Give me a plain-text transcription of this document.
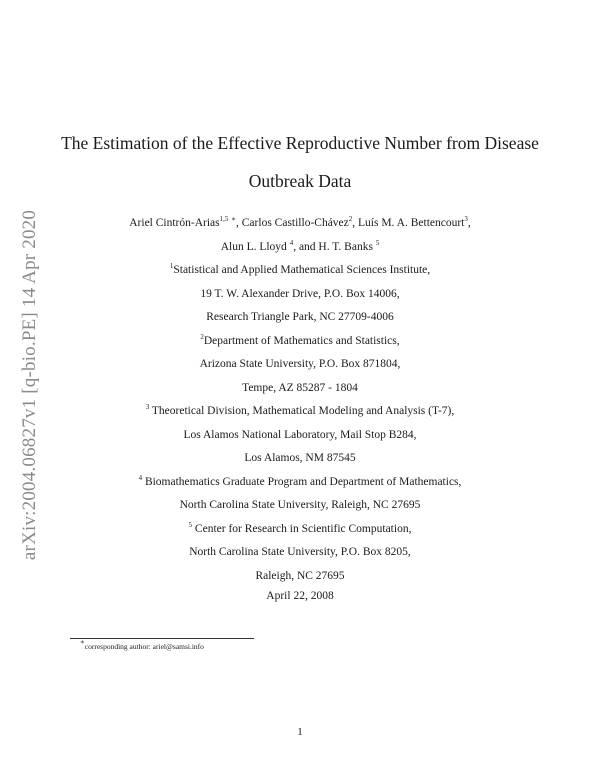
arXiv:2004.06827v1 [q-bio.PE] 14 Apr 2020
The Estimation of the Effective Reproductive Number from Disease
Outbreak Data
Ariel Cintrón-Arias$^{1,5}$ ∗, Carlos Castillo-Chávez$^2$, Luís M. A. Bettencourt$^3$,
Alun L. Lloyd $^4$, and H. T. Banks $^5$
$^1$Statistical and Applied Mathematical Sciences Institute,
19 T. W. Alexander Drive, P.O. Box 14006,
Research Triangle Park, NC 27709-4006
$^2$Department of Mathematics and Statistics,
Arizona State University, P.O. Box 871804,
Tempe, AZ 85287 - 1804
$^3$ Theoretical Division, Mathematical Modeling and Analysis (T-7),
Los Alamos National Laboratory, Mail Stop B284,
Los Alamos, NM 87545
$^4$ Biomathematics Graduate Program and Department of Mathematics,
North Carolina State University, Raleigh, NC 27695
$^5$ Center for Research in Scientific Computation,
North Carolina State University, P.O. Box 8205,
Raleigh, NC 27695
April 22, 2008
∗corresponding author: ariel@samsi.info
1
